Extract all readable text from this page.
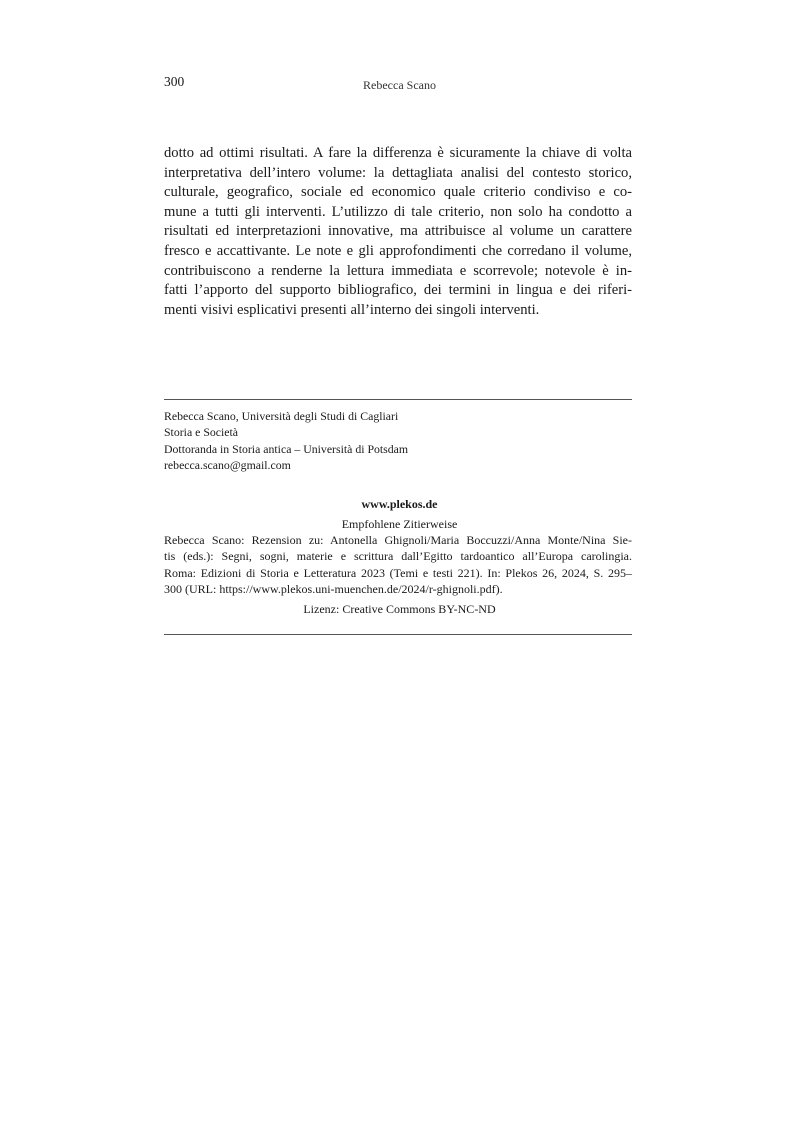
300	Rebecca Scano
dotto ad ottimi risultati. A fare la differenza è sicuramente la chiave di volta
interpretativa dell’intero volume: la dettagliata analisi del contesto storico,
culturale, geografico, sociale ed economico quale criterio condiviso e co-
mune a tutti gli interventi. L’utilizzo di tale criterio, non solo ha condotto a
risultati ed interpretazioni innovative, ma attribuisce al volume un carattere
fresco e accattivante. Le note e gli approfondimenti che corredano il volume,
contribuiscono a renderne la lettura immediata e scorrevole; notevole è in-
fatti l’apporto del supporto bibliografico, dei termini in lingua e dei riferi-
menti visivi esplicativi presenti all’interno dei singoli interventi.
Rebecca Scano, Università degli Studi di Cagliari
Storia e Società
Dottoranda in Storia antica – Università di Potsdam
rebecca.scano@gmail.com
www.plekos.de
Empfohlene Zitierweise
Rebecca Scano: Rezension zu: Antonella Ghignoli/Maria Boccuzzi/Anna Monte/Nina Sie-
tis (eds.): Segni, sogni, materie e scrittura dall’Egitto tardoantico all’Europa carolingia.
Roma: Edizioni di Storia e Letteratura 2023 (Temi e testi 221). In: Plekos 26, 2024, S. 295–
300 (URL: https://www.plekos.uni-muenchen.de/2024/r-ghignoli.pdf).
Lizenz: Creative Commons BY-NC-ND
